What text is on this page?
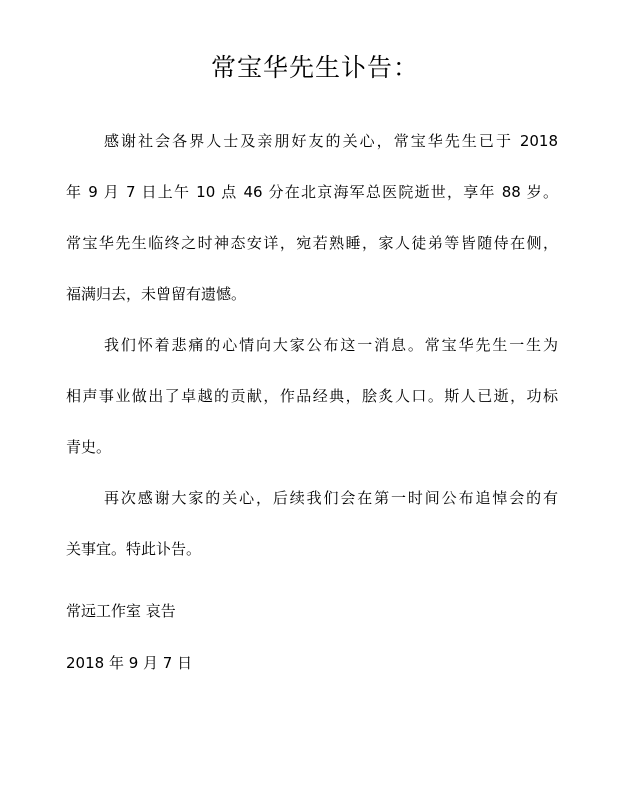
常宝华先生讣告：
感谢社会各界人士及亲朋好友的关心，常宝华先生已于 2018
年 9 月 7 日上午 10 点 46 分在北京海军总医院逝世，享年 88 岁。
常宝华先生临终之时神态安详，宛若熟睡，家人徒弟等皆随侍在侧，
福满归去，未曾留有遗憾。
我们怀着悲痛的心情向大家公布这一消息。常宝华先生一生为
相声事业做出了卓越的贡献，作品经典，脍炙人口。斯人已逝，功标
青史。
再次感谢大家的关心，后续我们会在第一时间公布追悼会的有
关事宜。特此讣告。
常远工作室 哀告
2018 年 9 月 7 日
